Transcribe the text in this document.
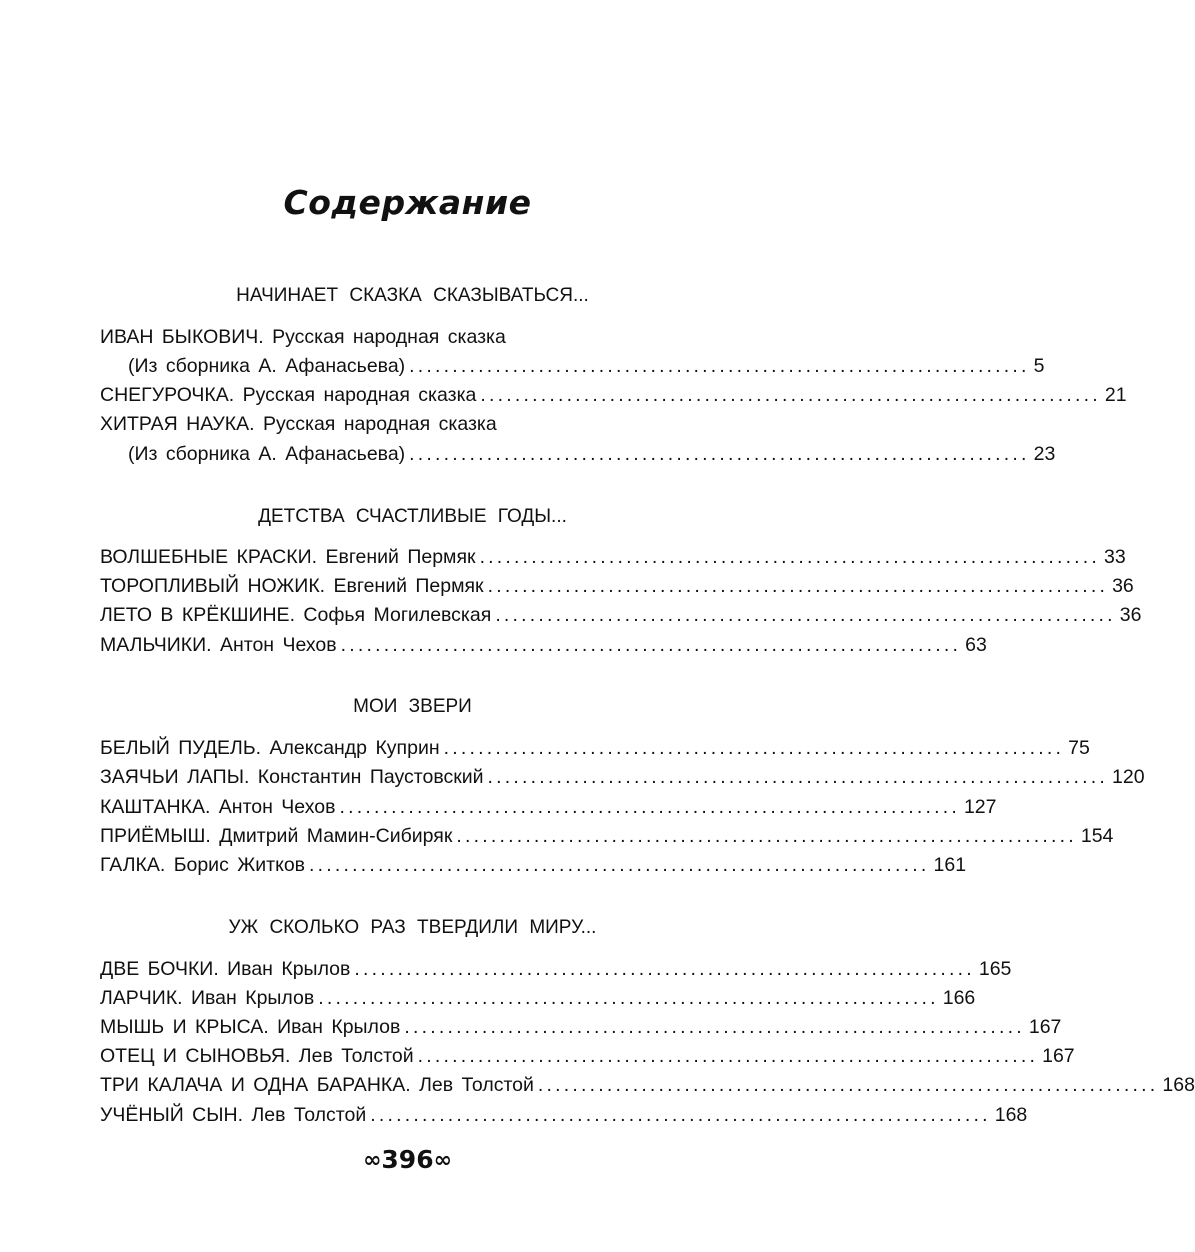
Содержание
НАЧИНАЕТ СКАЗКА СКАЗЫВАТЬСЯ...
ИВАН БЫКОВИЧ. Русская народная сказка
(Из сборника А. Афанасьева) ........................................................................ 5
СНЕГУРОЧКА. Русская народная сказка ........................................................................ 21
ХИТРАЯ НАУКА. Русская народная сказка
(Из сборника А. Афанасьева) ........................................................................ 23
ДЕТСТВА СЧАСТЛИВЫЕ ГОДЫ...
ВОЛШЕБНЫЕ КРАСКИ. Евгений Пермяк ........................................................................ 33
ТОРОПЛИВЫЙ НОЖИК. Евгений Пермяк ........................................................................ 36
ЛЕТО В КРЁКШИНЕ. Софья Могилевская ........................................................................ 36
МАЛЬЧИКИ. Антон Чехов ........................................................................ 63
МОИ ЗВЕРИ
БЕЛЫЙ ПУДЕЛЬ. Александр Куприн ........................................................................ 75
ЗАЯЧЬИ ЛАПЫ. Константин Паустовский ........................................................................ 120
КАШТАНКА. Антон Чехов ........................................................................ 127
ПРИЁМЫШ. Дмитрий Мамин-Сибиряк ........................................................................ 154
ГАЛКА. Борис Житков ........................................................................ 161
УЖ СКОЛЬКО РАЗ ТВЕРДИЛИ МИРУ...
ДВЕ БОЧКИ. Иван Крылов ........................................................................ 165
ЛАРЧИК. Иван Крылов ........................................................................ 166
МЫШЬ И КРЫСА. Иван Крылов ........................................................................ 167
ОТЕЦ И СЫНОВЬЯ. Лев Толстой ........................................................................ 167
ТРИ КАЛАЧА И ОДНА БАРАНКА. Лев Толстой ........................................................................ 168
УЧЁНЫЙ СЫН. Лев Толстой ........................................................................ 168
∞396∞
